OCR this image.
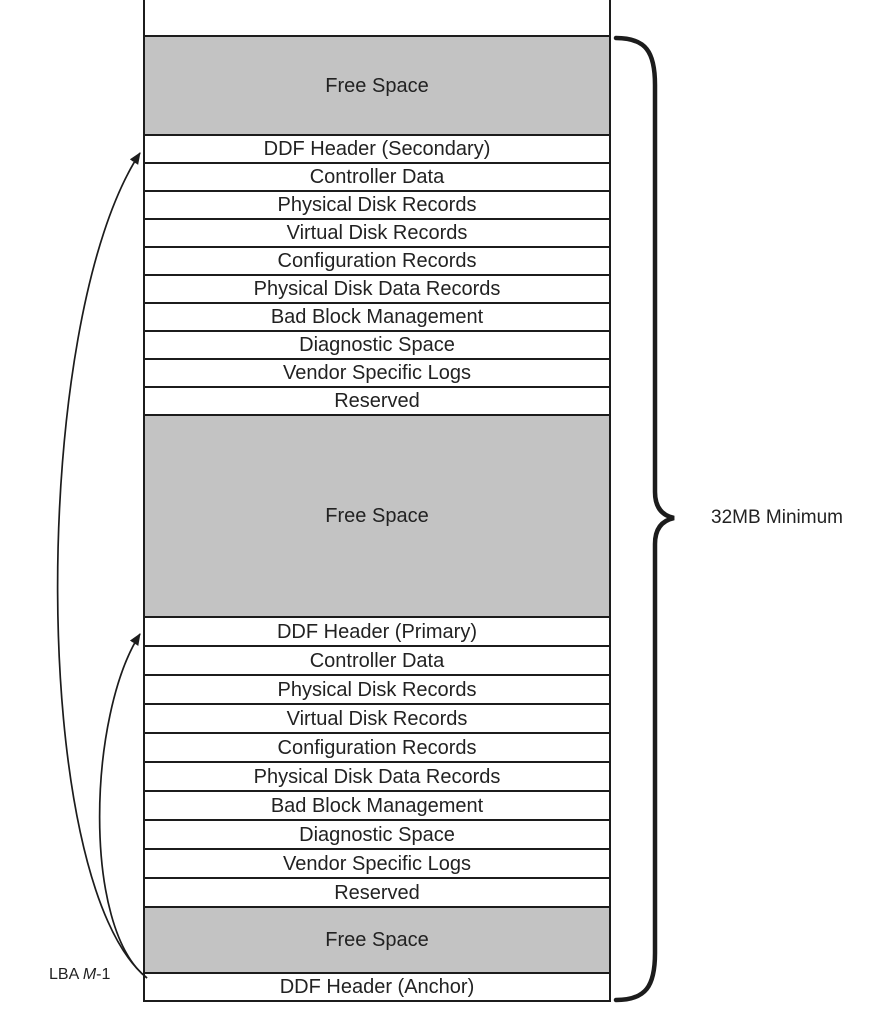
Free Space
DDF Header (Secondary)
Controller Data
Physical Disk Records
Virtual Disk Records
Configuration Records
Physical Disk Data Records
Bad Block Management
Diagnostic Space
Vendor Specific Logs
Reserved
Free Space
DDF Header (Primary)
Controller Data
Physical Disk Records
Virtual Disk Records
Configuration Records
Physical Disk Data Records
Bad Block Management
Diagnostic Space
Vendor Specific Logs
Reserved
Free Space
DDF Header (Anchor)
32MB Minimum
LBA M-1
